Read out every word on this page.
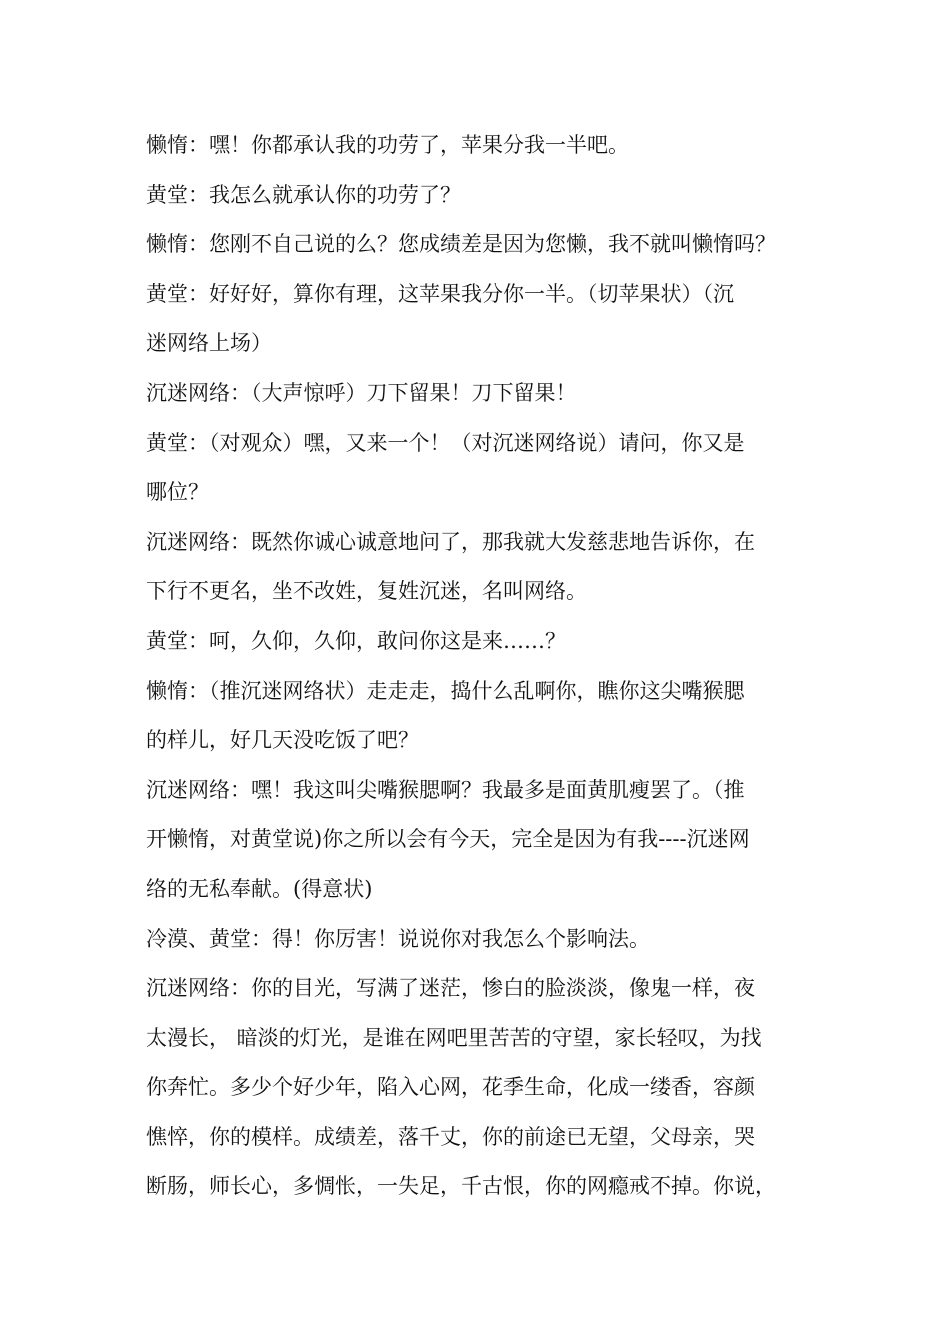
懒惰：嘿！你都承认我的功劳了，苹果分我一半吧。
黄堂：我怎么就承认你的功劳了？
懒惰：您刚不自己说的么？您成绩差是因为您懒，我不就叫懒惰吗？
黄堂：好好好，算你有理，这苹果我分你一半。（切苹果状）（沉
迷网络上场）
沉迷网络：（大声惊呼）刀下留果！刀下留果！
黄堂：（对观众）嘿，又来一个！（对沉迷网络说）请问，你又是
哪位？
沉迷网络：既然你诚心诚意地问了，那我就大发慈悲地告诉你，在
下行不更名，坐不改姓，复姓沉迷，名叫网络。
黄堂：呵，久仰，久仰，敢问你这是来……？
懒惰：（推沉迷网络状）走走走，捣什么乱啊你，瞧你这尖嘴猴腮
的样儿，好几天没吃饭了吧？
沉迷网络：嘿！我这叫尖嘴猴腮啊？我最多是面黄肌瘦罢了。（推
开懒惰，对黄堂说)你之所以会有今天，完全是因为有我----沉迷网
络的无私奉献。(得意状)
冷漠、黄堂：得！你厉害！说说你对我怎么个影响法。
沉迷网络：你的目光，写满了迷茫，惨白的脸淡淡，像鬼一样，夜
太漫长， 暗淡的灯光，是谁在网吧里苦苦的守望，家长轻叹，为找
你奔忙。多少个好少年，陷入心网，花季生命，化成一缕香，容颜
憔悴，你的模样。成绩差，落千丈，你的前途已无望，父母亲，哭
断肠，师长心，多惆怅，一失足，千古恨，你的网瘾戒不掉。你说，
